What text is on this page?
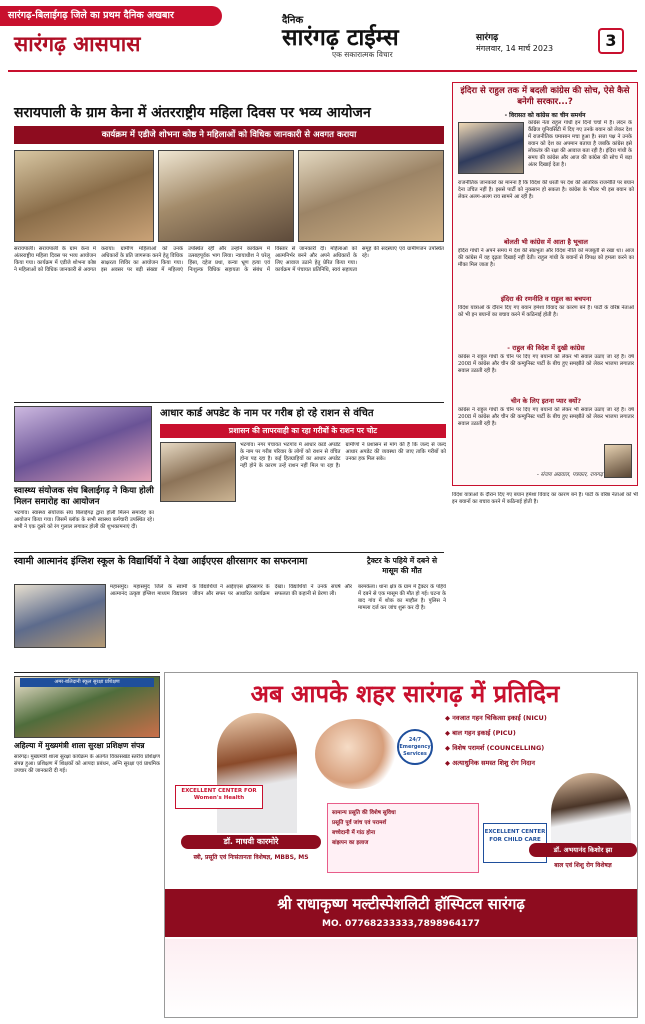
सारंगढ़-बिलाईगढ़ जिले का प्रथम दैनिक अखबार
सारंगढ़ आसपास
दैनिक
सारंगढ़ टाईम्स
एक सकारात्मक विचार
सारंगढ़
मंगलवार, 14 मार्च 2023	3
सरायपाली के ग्राम केना में अंतरराष्ट्रीय महिला दिवस पर भव्य आयोजन
कार्यक्रम में एडीजे शोभना कोष्ठ ने महिलाओं को विधिक जानकारी से अवगत कराया
सरायपाली। सरायपाली के ग्राम केना में अंतरराष्ट्रीय महिला दिवस पर भव्य आयोजन किया गया। कार्यक्रम में एडीजे शोभना कोष्ठ ने महिलाओं को विधिक जानकारी से अवगत कराया। ग्रामीण महिलाओं को उनके अधिकारों के प्रति जागरूक करने हेतु विधिक साक्षरता शिविर का आयोजन किया गया। इस अवसर पर बड़ी संख्या में महिलाएं उपस्थित रहीं और उन्होंने कार्यक्रम में उत्साहपूर्वक भाग लिया। न्यायाधीश ने घरेलू हिंसा, दहेज प्रथा, कन्या भ्रूण हत्या एवं निःशुल्क विधिक सहायता के संबंध में विस्तार से जानकारी दी। महिलाओं को आत्मनिर्भर बनने और अपने अधिकारों के लिए आवाज उठाने हेतु प्रेरित किया गया। कार्यक्रम में पंचायत प्रतिनिधि, स्वयं सहायता समूह की सदस्याएं एवं ग्रामीणजन उपस्थित रहे।
इंदिरा से राहुल तक में बदली कांग्रेस की सोच, ऐसे कैसे बनेगी सरकार...?
- विरासत को कांग्रेस का चीन समर्थन
कांग्रेस नेता राहुल गांधी इन दिनों चर्चा में हैं। लंदन के कैंब्रिज यूनिवर्सिटी में दिए गए उनके बयान को लेकर देश में राजनीतिक घमासान मचा हुआ है। सत्ता पक्ष ने उनके बयान को देश का अपमान बताया है जबकि कांग्रेस इसे लोकतंत्र की रक्षा की आवाज बता रही है। इंदिरा गांधी के समय की कांग्रेस और आज की कांग्रेस की सोच में बड़ा अंतर दिखाई देता है।
राजनीतिक जानकारों का मानना है कि विदेश की धरती पर देश की आंतरिक राजनीति पर बयान देना उचित नहीं है। इससे पार्टी को नुकसान हो सकता है। कांग्रेस के भीतर भी इस बयान को लेकर अलग-अलग राय सामने आ रही है।
बोलती भी कांग्रेस में आता है भूचाल
इंदिरा गांधी ने अपने समय में देश की संप्रभुता और विदेश नीति को मजबूती से रखा था। आज की कांग्रेस में वह दृढ़ता दिखाई नहीं देती। राहुल गांधी के बयानों से विपक्ष को हमला करने का मौका मिल जाता है।
इंदिरा की रणनीति व राहुल का बचपना
विदेश यात्राओं के दौरान दिए गए बयान हमेशा विवाद का कारण बने हैं। पार्टी के वरिष्ठ नेताओं को भी इन बयानों का बचाव करने में कठिनाई होती है।
- राहुल की विदेश में दुखी कांग्रेस
कांग्रेस ने राहुल गांधी के चीन पर दिए गए बयानों को लेकर भी सवाल उठाए जा रहे हैं। वर्ष 2008 में कांग्रेस और चीन की कम्युनिस्ट पार्टी के बीच हुए समझौते को लेकर भाजपा लगातार सवाल उठाती रही है।
चीन के लिए इतना प्यार क्यों?
कांग्रेस ने राहुल गांधी के चीन पर दिए गए बयानों को लेकर भी सवाल उठाए जा रहे हैं। वर्ष 2008 में कांग्रेस और चीन की कम्युनिस्ट पार्टी के बीच हुए समझौते को लेकर भाजपा लगातार सवाल उठाती रही है।
- संजय अग्रवाल, पत्रकार, रायगढ़
स्वास्थ्य संयोजक संघ बिलाईगढ़ ने किया होली मिलन समारोह का आयोजन
भटगांव। स्वास्थ्य संयोजक संघ बिलाईगढ़ द्वारा होली मिलन समारोह का आयोजन किया गया। जिसमें ब्लॉक के सभी स्वास्थ्य कर्मचारी उपस्थित रहे। सभी ने एक दूसरे को रंग गुलाल लगाकर होली की शुभकामनाएं दीं।
आधार कार्ड अपडेट के नाम पर गरीब हो रहे राशन से वंचित
प्रशासन की लापरवाही का रहा गरीबों के राशन पर चोट
भटगांव। नगर पंचायत भटगांव में आधार कार्ड अपडेट के नाम पर गरीब परिवार के लोगों को राशन से वंचित होना पड़ रहा है। कई हितग्राहियों का आधार अपडेट नहीं होने के कारण उन्हें राशन नहीं मिल पा रहा है। ग्रामीणों ने प्रशासन से मांग की है कि जल्द से जल्द आधार अपडेट की व्यवस्था की जाए ताकि गरीबों को उनका हक मिल सके।
स्वामी आत्मानंद इंग्लिश स्कूल के विद्यार्थियों ने देखा आईएएस क्षीरसागर का सफरनामा
महासमुंद। महासमुंद जिले के स्वामी आत्मानंद उत्कृष्ट इंग्लिश माध्यम विद्यालय के विद्यार्थियों ने आईएएस क्षीरसागर के जीवन और सफर पर आधारित कार्यक्रम देखा। विद्यार्थियों ने उनके संघर्ष और सफलता की कहानी से प्रेरणा ली।
ट्रैक्टर के पहिये में दबने से मासूम की मौत
बरमकेला। थाना क्षेत्र के ग्राम में ट्रैक्टर के पहिये में दबने से एक मासूम की मौत हो गई। घटना के बाद गांव में शोक का माहौल है। पुलिस ने मामला दर्ज कर जांच शुरू कर दी है।
विदेश यात्राओं के दौरान दिए गए बयान हमेशा विवाद का कारण बने हैं। पार्टी के वरिष्ठ नेताओं को भी इन बयानों का बचाव करने में कठिनाई होती है।
अमर-बलिदानी स्कूल सुरक्षा प्रशिक्षण
अहिल्या में मुख्यमंत्री शाला सुरक्षा प्रशिक्षण संपन्न
सारंगढ़। मुख्यमंत्री शाला सुरक्षा कार्यक्रम के अंतर्गत विकासखंड स्तरीय प्रशिक्षण संपन्न हुआ। प्रशिक्षण में शिक्षकों को आपदा प्रबंधन, अग्नि सुरक्षा एवं प्राथमिक उपचार की जानकारी दी गई।
अब आपके शहर सारंगढ़ में प्रतिदिन
EXCELLENT CENTER FOR Women's Health
डॉ. माधवी कारमोरे
स्त्री, प्रसूति एवं निःसंतानता विशेषज्ञ, MBBS, MS
24/7 Emergency Services
◆ नवजात गहन चिकित्सा इकाई (NICU)
◆ बाल गहन इकाई (PICU)
◆ विशेष परामर्श (COUNCELLING)
◆ अत्याधुनिक समस्त शिशु रोग निदान
सामान्य प्रसूति की विशेष सुविधा
प्रसूति पूर्व जांच एवं परामर्श
बच्चेदानी में गांठ होना
बांझपन का इलाज
EXCELLENT CENTER FOR CHILD CARE
डॉ. अभयानंद किशोर झा
बाल एवं शिशु रोग विशेषज्ञ
श्री राधाकृष्ण मल्टीस्पेशलिटी हॉस्पिटल सारंगढ़
MO. 07768233333,7898964177
